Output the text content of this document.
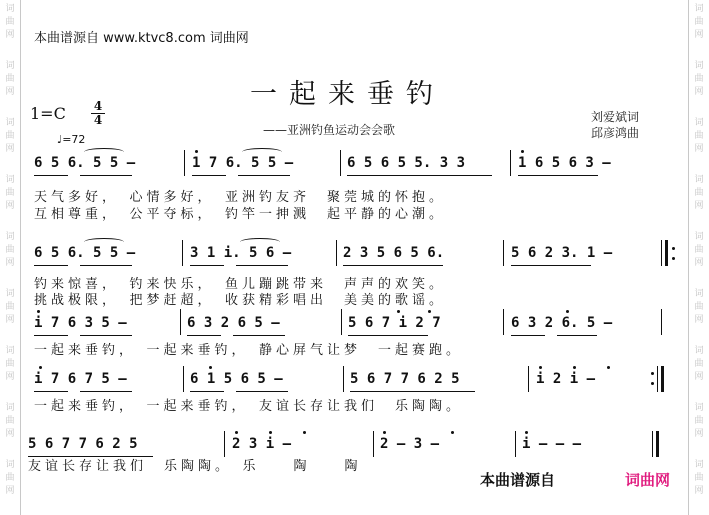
词
曲
网
词
曲
网
词
曲
网
词
曲
网
词
曲
网
词
曲
网
词
曲
网
词
曲
网
词
曲
网
词
曲
网
词
曲
网
词
曲
网
词
曲
网
词
曲
网
词
曲
网
词
曲
网
词
曲
网
词
曲
网
本曲谱源自 www.ktvc8.com 词曲网
一起来垂钓
——亚洲钓鱼运动会会歌
刘爱斌词
邱彦鸿曲
1=C 4
4
♩=72
6 5 6. 5 5 –	1 7 6. 5 5 –	6 5 6 5 5. 3 3	1 6 5 6 3 –
天气多好，　心情多好，　亚洲钓友齐　聚莞城的怀抱。
互相尊重，　公平夺标，　钓竿一抻溅　起平静的心潮。
6 5 6. 5 5 –	3 1 i. 5 6 –	2 3 5 6 5 6.	5 6 2 3. 1 –
钓来惊喜，　钓来快乐，　鱼儿蹦跳带来　声声的欢笑。
挑战极限，　把梦赶超，　收获精彩唱出　美美的歌谣。
i 7 6 3 5 –	6 3 2 6 5 –	5 6 7 i 2 7	6 3 2 6. 5 –
一起来垂钓，　一起来垂钓，　静心屏气让梦　一起赛跑。
i 7 6 7 5 –	6 1 5 6 5 –	5 6 7 7 6 2 5	i 2 i –
一起来垂钓，　一起来垂钓，　友谊长存让我们　乐陶陶。
5 6 7 7 6 2 5	2 3 i –	2 – 3 –	i – – –
友谊长存让我们　乐陶陶。　乐　　陶　　陶
本曲谱源自	词曲网
